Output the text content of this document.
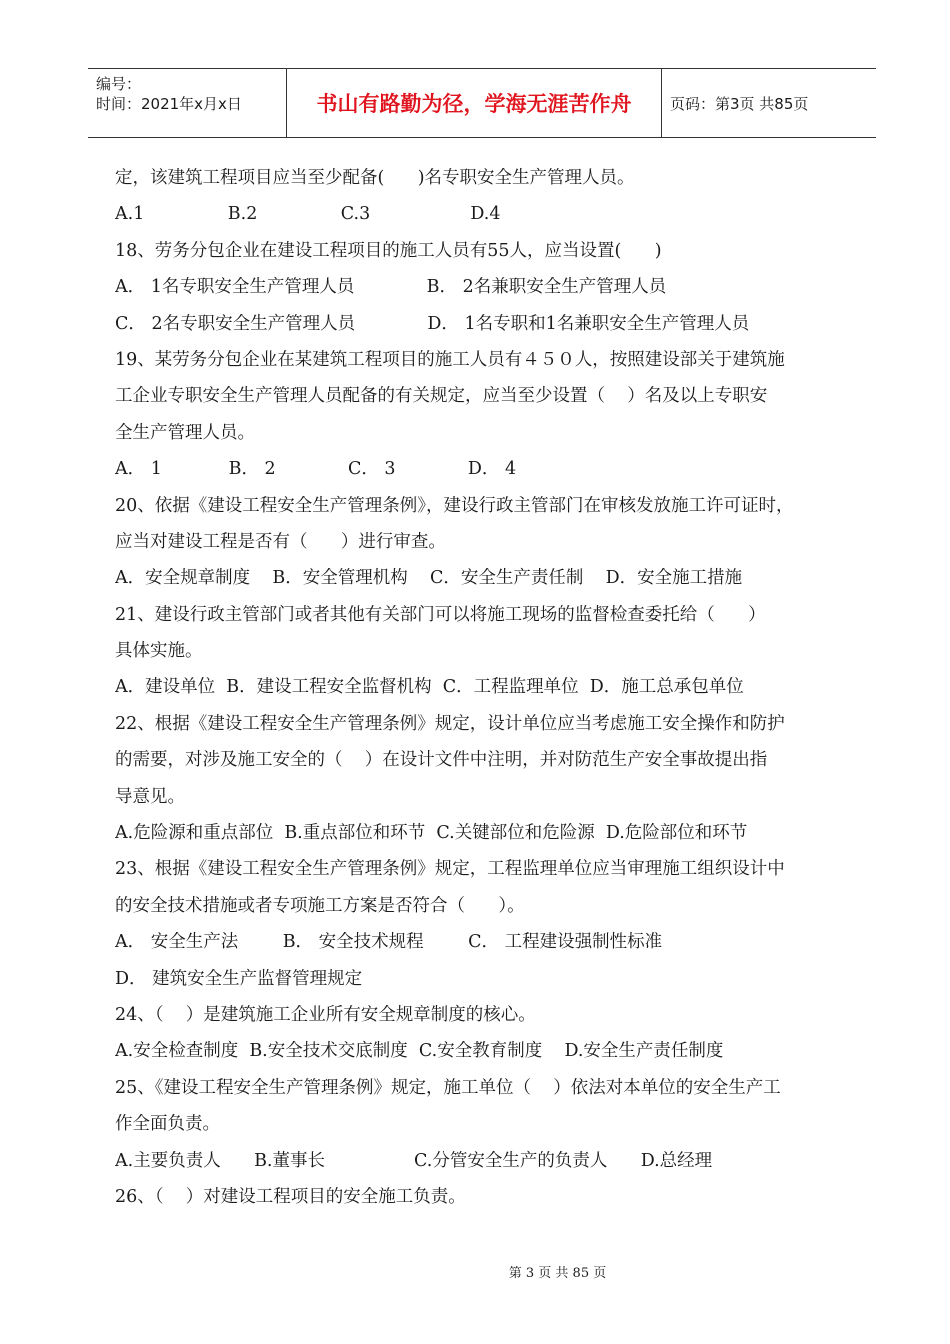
编号：
时间：2021年x月x日	书山有路勤为径，学海无涯苦作舟	页码：第3页 共85页
定，该建筑工程项目应当至少配备(      )名专职安全生产管理人员。
A.1               B.2               C.3                  D.4
18、劳务分包企业在建设工程项目的施工人员有55人，应当设置(      )
A． 1名专职安全生产管理人员             B． 2名兼职安全生产管理人员
C． 2名专职安全生产管理人员             D． 1名专职和1名兼职安全生产管理人员
19、某劳务分包企业在某建筑工程项目的施工人员有４５０人，按照建设部关于建筑施
工企业专职安全生产管理人员配备的有关规定，应当至少设置（    ）名及以上专职安
全生产管理人员。
A． 1            B． 2             C． 3             D． 4
20、依据《建设工程安全生产管理条例》，建设行政主管部门在审核发放施工许可证时，
应当对建设工程是否有（      ）进行审查。
A．安全规章制度    B．安全管理机构    C．安全生产责任制    D．安全施工措施
21、建设行政主管部门或者其他有关部门可以将施工现场的监督检查委托给（      ）
具体实施。
A．建设单位  B．建设工程安全监督机构  C．工程监理单位  D．施工总承包单位
22、根据《建设工程安全生产管理条例》规定，设计单位应当考虑施工安全操作和防护
的需要，对涉及施工安全的（    ）在设计文件中注明，并对防范生产安全事故提出指
导意见。
A.危险源和重点部位  B.重点部位和环节  C.关键部位和危险源  D.危险部位和环节
23、根据《建设工程安全生产管理条例》规定，工程监理单位应当审理施工组织设计中
的安全技术措施或者专项施工方案是否符合（      ）。
A． 安全生产法        B． 安全技术规程        C． 工程建设强制性标准
D． 建筑安全生产监督管理规定
24、（    ）是建筑施工企业所有安全规章制度的核心。
A.安全检查制度  B.安全技术交底制度  C.安全教育制度    D.安全生产责任制度
25、《建设工程安全生产管理条例》规定，施工单位（    ）依法对本单位的安全生产工
作全面负责。
A.主要负责人      B.董事长                C.分管安全生产的负责人      D.总经理
26、（    ）对建设工程项目的安全施工负责。
第 3 页 共 85 页
